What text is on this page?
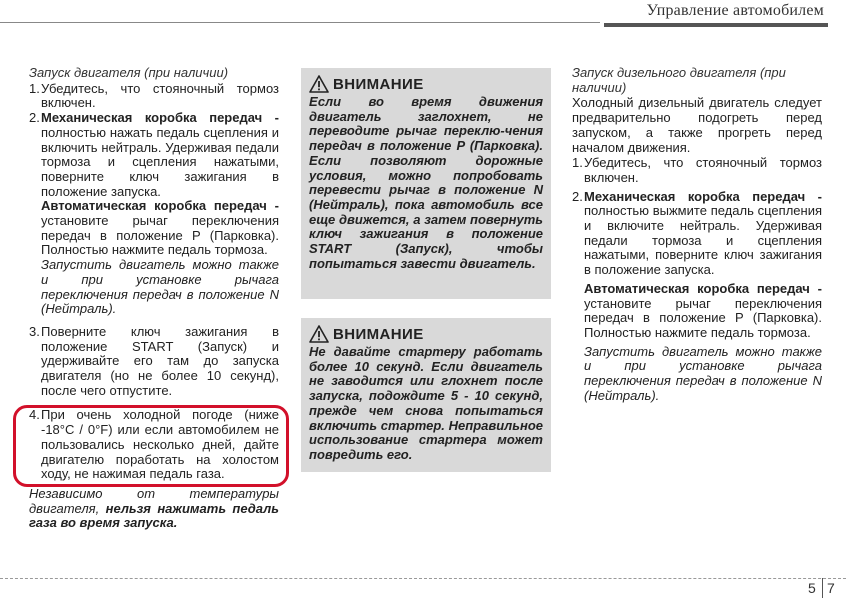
Управление автомобилем

Запуск двигателя (при наличии)

1. Убедитесь, что стояночный тормоз включен.
2. Механическая коробка передач - полностью нажать педаль сцепления и включить нейтраль. Удерживая педали тормоза и сцепления нажатыми, поверните ключ зажигания в положение запуска.
Автоматическая коробка передач - установите рычаг переключения передач в положение P (Парковка). Полностью нажмите педаль тормоза.

Запустить двигатель можно также и при установке рычага переключения передач в положение N (Нейтраль).

3. Поверните ключ зажигания в положение START (Запуск) и удерживайте его там до запуска двигателя (но не более 10 секунд), после чего отпустите.
4. При очень холодной погоде (ниже -18°C / 0°F) или если автомобилем не пользовались несколько дней, дайте двигателю поработать на холостом ходу, не нажимая педаль газа.

Независимо от температуры двигателя, нельзя нажимать педаль газа во время запуска.

ВНИМАНИЕ

Если во время движения двигатель заглохнет, не переводите рычаг переклю-чения передач в положение P (Парковка). Если позволяют дорожные условия, можно попробовать перевести рычаг в положение N (Нейтраль), пока автомобиль все еще движется, а затем повернуть ключ зажигания в положение START (Запуск), чтобы попытаться завести двигатель.

ВНИМАНИЕ

Не давайте стартеру работать более 10 секунд. Если двигатель не заводится или глохнет после запуска, подождите 5 - 10 секунд, прежде чем снова попытаться включить стартер. Неправильное использование стартера может повредить его.

Запуск дизельного двигателя (при наличии)

Холодный дизельный двигатель следует предварительно подогреть перед запуском, а также прогреть перед началом движения.

1. Убедитесь, что стояночный тормоз включен.
2. Механическая коробка передач - полностью выжмите педаль сцепления и включите нейтраль. Удерживая педали тормоза и сцепления нажатыми, поверните ключ зажигания в положение запуска.
Автоматическая коробка передач - установите рычаг переключения передач в положение P (Парковка). Полностью нажмите педаль тормоза.

Запустить двигатель можно также и при установке рычага переключения передач в положение N (Нейтраль).

5 7
